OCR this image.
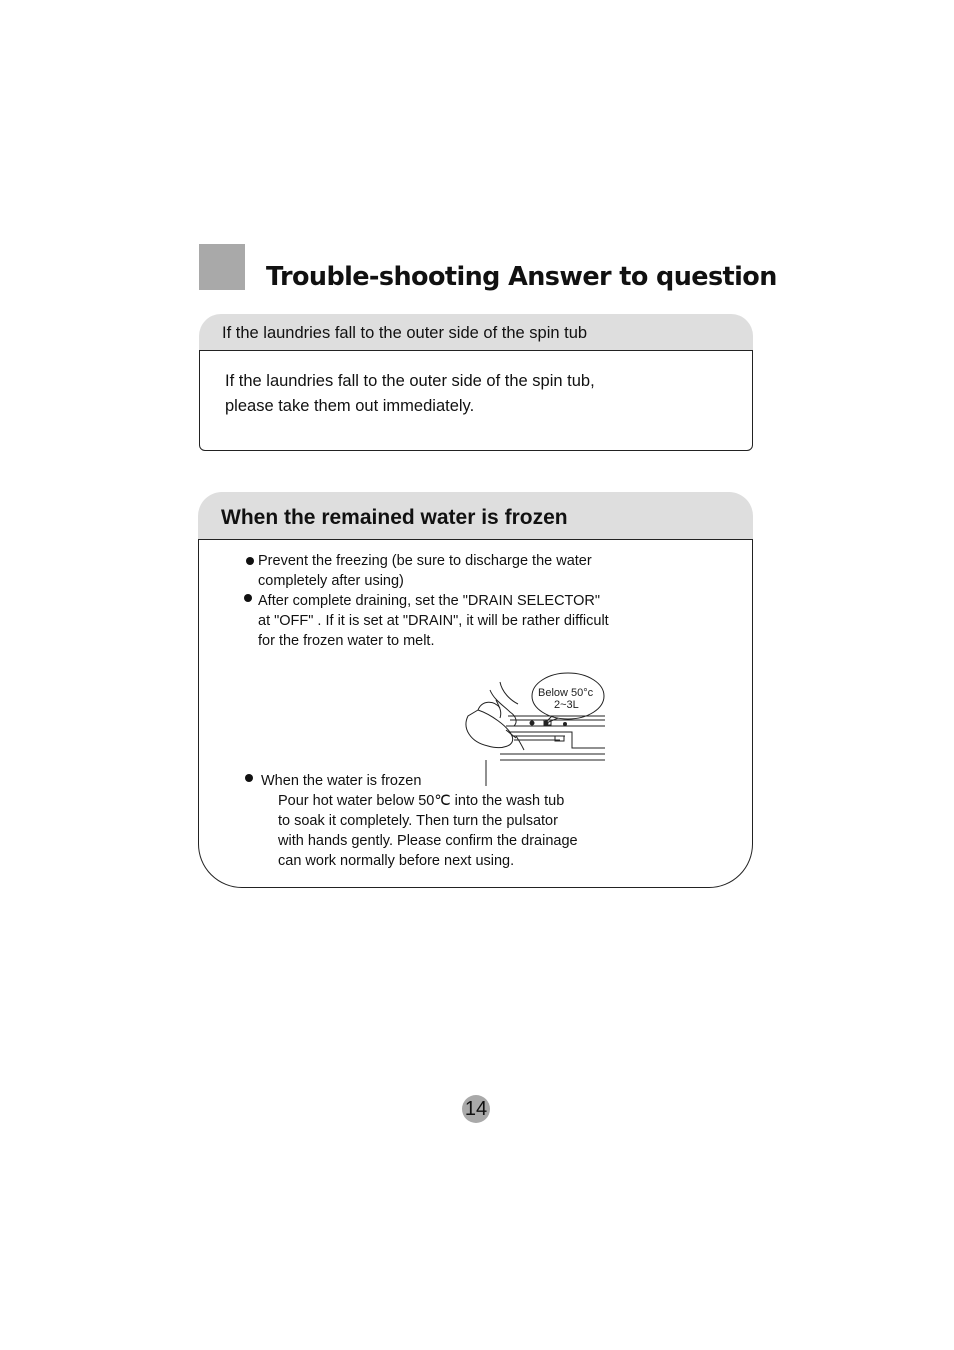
Trouble-shooting Answer to question
If the laundries fall to the outer side of the spin tub
If the laundries fall to the outer side of the spin tub,
please take them out immediately.
When the remained water is frozen
Prevent the freezing (be sure to discharge the water
completely after using)
After complete draining, set the "DRAIN SELECTOR"
at "OFF" . If it is set at "DRAIN", it will be rather difficult
for the frozen water to melt.
Below 50°c
2~3L
When the water is frozen
Pour hot water below 50℃ into the wash tub
to soak it completely. Then turn the pulsator
with hands gently. Please confirm the drainage
can work normally before next using.
14
